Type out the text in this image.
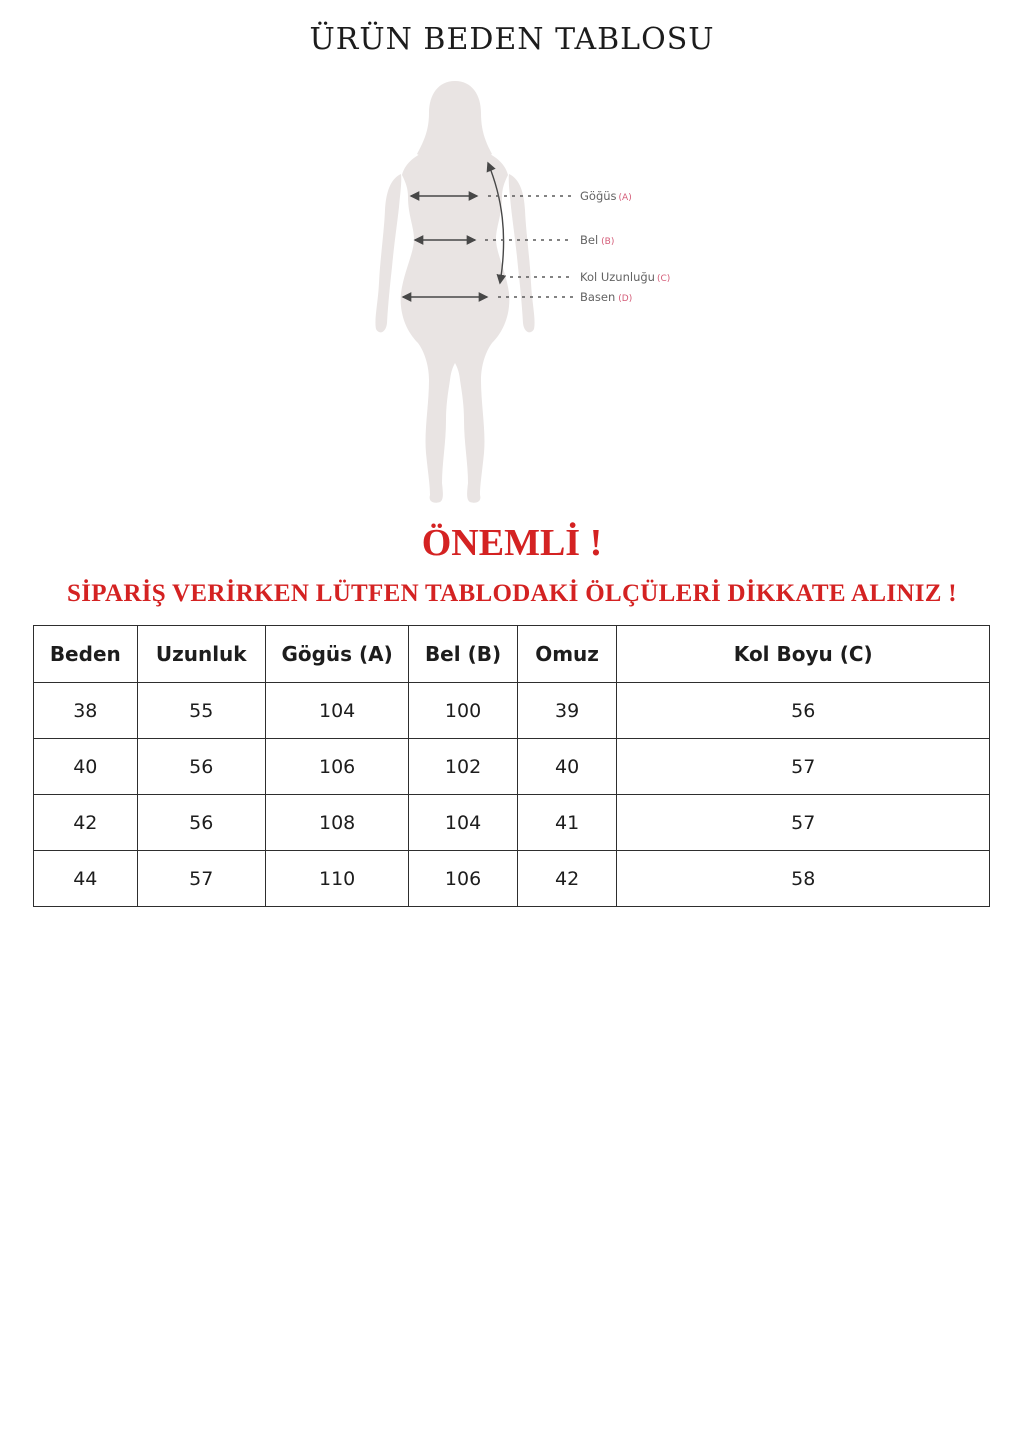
ÜRÜN BEDEN TABLOSU
Göğüs (A)
Bel (B)
Kol Uzunluğu (C)
Basen (D)
ÖNEMLİ !
SİPARİŞ VERİRKEN LÜTFEN TABLODAKİ ÖLÇÜLERİ DİKKATE ALINIZ !
Beden	Uzunluk	Gögüs (A)	Bel (B)	Omuz	Kol Boyu (C)
38	55	104	100	39	56
40	56	106	102	40	57
42	56	108	104	41	57
44	57	110	106	42	58
